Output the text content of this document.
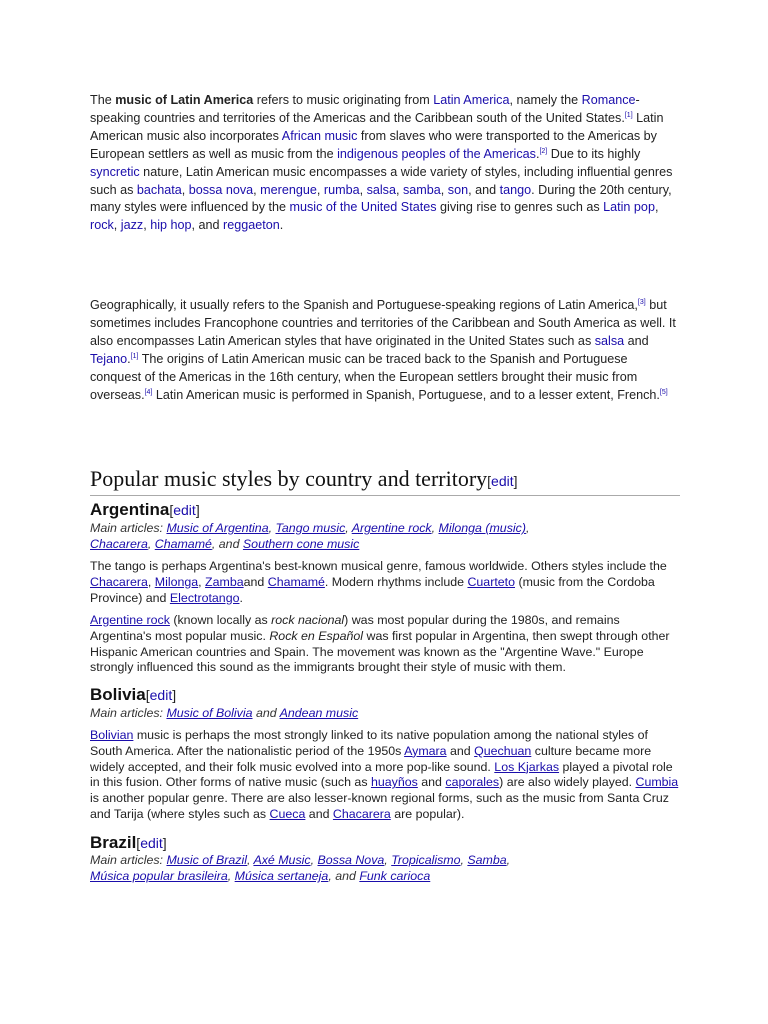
The music of Latin America refers to music originating from Latin America, namely the Romance-speaking countries and territories of the Americas and the Caribbean south of the United States.[1] Latin American music also incorporates African music from slaves who were transported to the Americas by European settlers as well as music from the indigenous peoples of the Americas.[2] Due to its highly syncretic nature, Latin American music encompasses a wide variety of styles, including influential genres such as bachata, bossa nova, merengue, rumba, salsa, samba, son, and tango. During the 20th century, many styles were influenced by the music of the United States giving rise to genres such as Latin pop, rock, jazz, hip hop, and reggaeton.

Geographically, it usually refers to the Spanish and Portuguese-speaking regions of Latin America,[3] but sometimes includes Francophone countries and territories of the Caribbean and South America as well. It also encompasses Latin American styles that have originated in the United States such as salsa and Tejano.[1] The origins of Latin American music can be traced back to the Spanish and Portuguese conquest of the Americas in the 16th century, when the European settlers brought their music from overseas.[4] Latin American music is performed in Spanish, Portuguese, and to a lesser extent, French.[5]

Popular music styles by country and territory[edit]
Argentina[edit]
Main articles: Music of Argentina, Tango music, Argentine rock, Milonga (music), Chacarera, Chamamé, and Southern cone music

The tango is perhaps Argentina's best-known musical genre, famous worldwide. Others styles include the Chacarera, Milonga, Zambaand Chamamé. Modern rhythms include Cuarteto (music from the Cordoba Province) and Electrotango.

Argentine rock (known locally as rock nacional) was most popular during the 1980s, and remains Argentina's most popular music. Rock en Español was first popular in Argentina, then swept through other Hispanic American countries and Spain. The movement was known as the "Argentine Wave." Europe strongly influenced this sound as the immigrants brought their style of music with them.

Bolivia[edit]
Main articles: Music of Bolivia and Andean music

Bolivian music is perhaps the most strongly linked to its native population among the national styles of South America. After the nationalistic period of the 1950s Aymara and Quechuan culture became more widely accepted, and their folk music evolved into a more pop-like sound. Los Kjarkas played a pivotal role in this fusion. Other forms of native music (such as huayños and caporales) are also widely played. Cumbia is another popular genre. There are also lesser-known regional forms, such as the music from Santa Cruz and Tarija (where styles such as Cueca and Chacarera are popular).

Brazil[edit]
Main articles: Music of Brazil, Axé Music, Bossa Nova, Tropicalismo, Samba, Música popular brasileira, Música sertaneja, and Funk carioca
